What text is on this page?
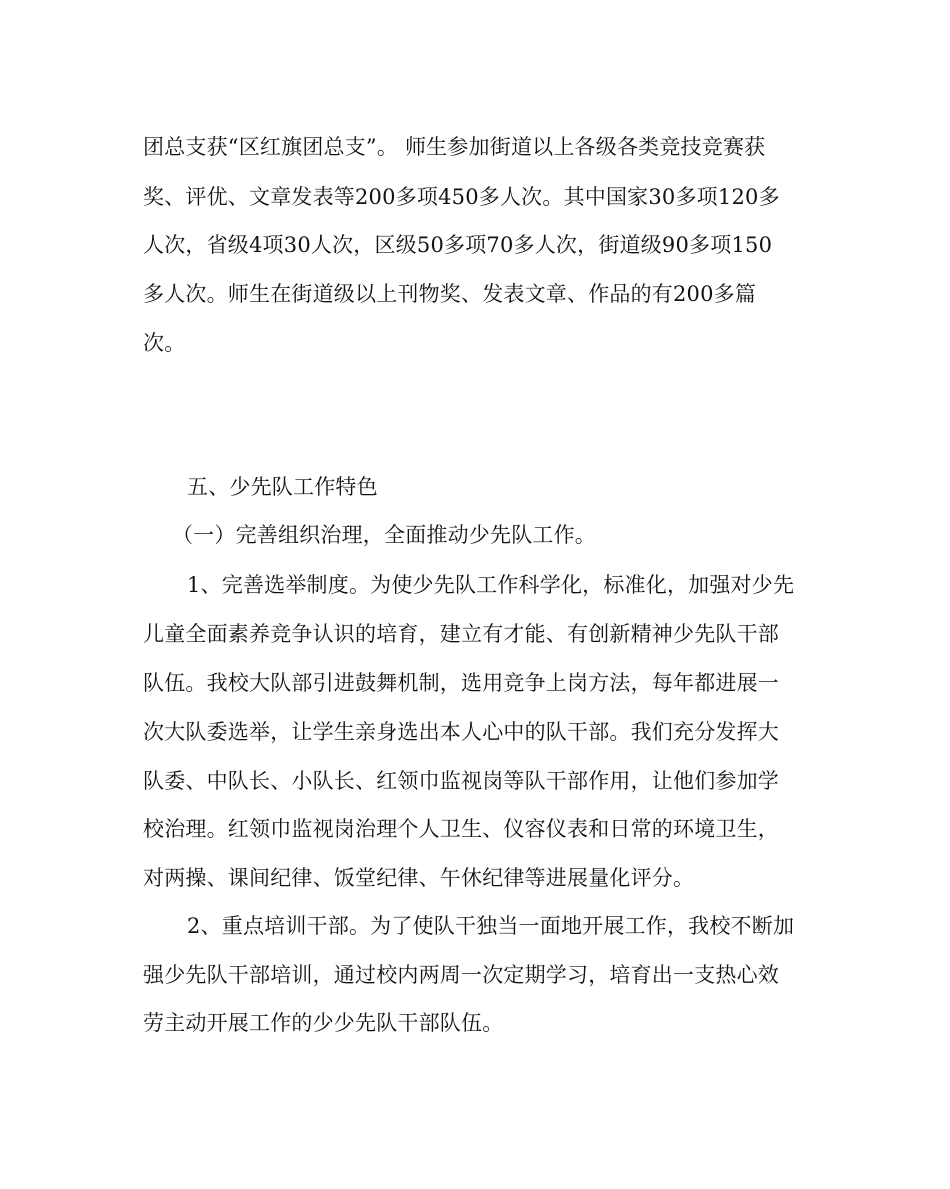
团总支获“区红旗团总支”。 师生参加街道以上各级各类竞技竞赛获
奖、评优、文章发表等200多项450多人次。其中国家30多项120多
人次，省级4项30人次，区级50多项70多人次，街道级90多项150
多人次。师生在街道级以上刊物奖、发表文章、作品的有200多篇
次。
五、少先队工作特色
（一）完善组织治理，全面推动少先队工作。
1、完善选举制度。为使少先队工作科学化，标准化，加强对少先
儿童全面素养竞争认识的培育，建立有才能、有创新精神少先队干部
队伍。我校大队部引进鼓舞机制，选用竞争上岗方法，每年都进展一
次大队委选举，让学生亲身选出本人心中的队干部。我们充分发挥大
队委、中队长、小队长、红领巾监视岗等队干部作用，让他们参加学
校治理。红领巾监视岗治理个人卫生、仪容仪表和日常的环境卫生，
对两操、课间纪律、饭堂纪律、午休纪律等进展量化评分。
2、重点培训干部。为了使队干独当一面地开展工作，我校不断加
强少先队干部培训，通过校内两周一次定期学习，培育出一支热心效
劳主动开展工作的少少先队干部队伍。
